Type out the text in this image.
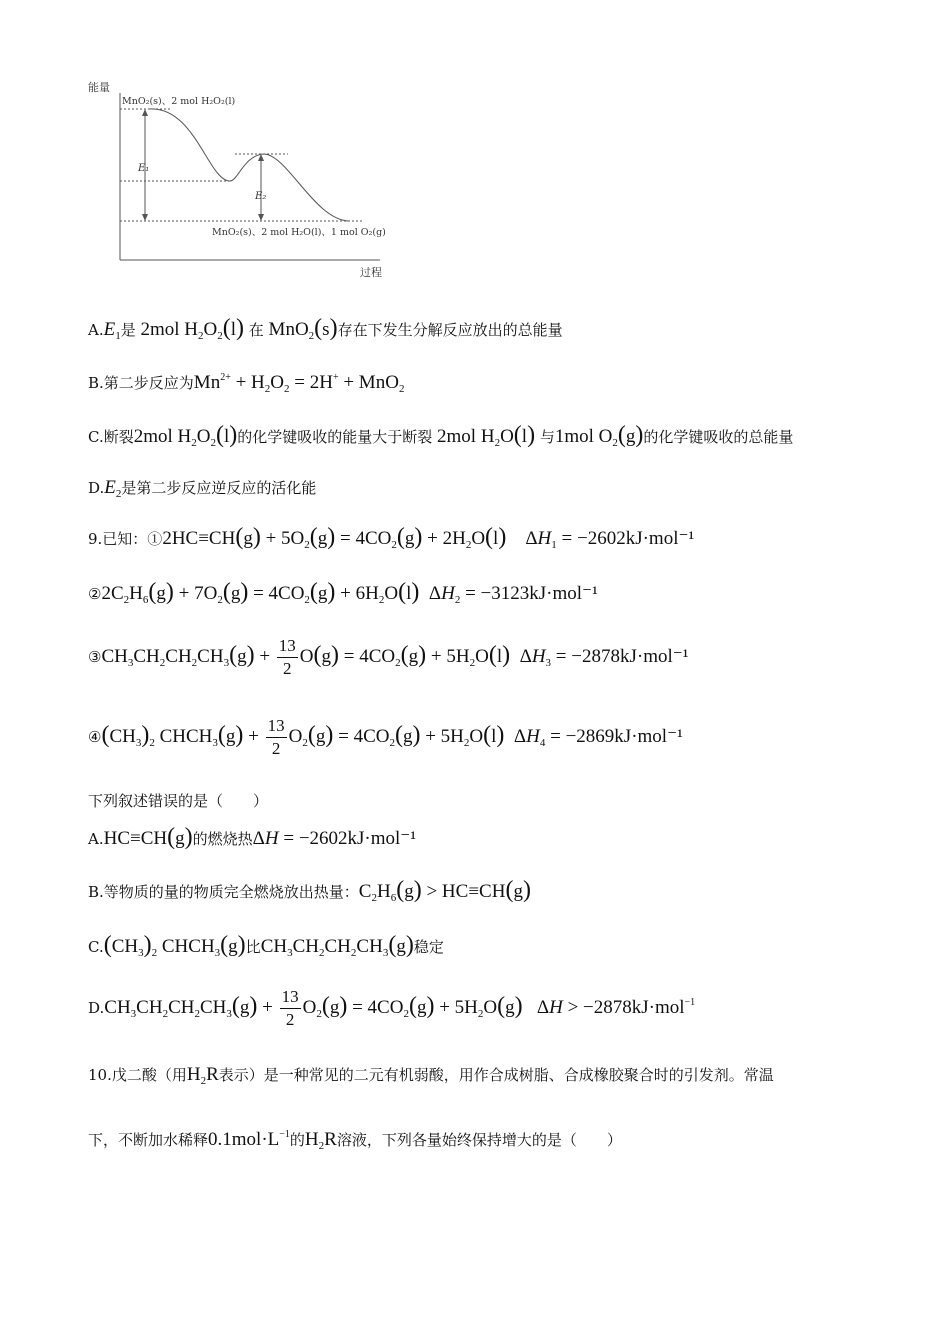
能量
过程
MnO₂(s)、2 mol H₂O₂(l)
MnO₂(s)、2 mol H₂O(l)、1 mol O₂(g)
E₁
E₂
$A.E_1$是 2mol $H_2O_2(l)$ 在 MnO$_2$(s)存在下发生分解反应放出的总能量
B.第二步反应为$Mn^{2+} + H_2O_2 = 2H^+ + MnO_2$
C.断裂2mol $H_2O_2(l)$的化学键吸收的能量大于断裂 2mol $H_2O(l)$ 与1mol $O_2(g)$的化学键吸收的总能量
$D.E_2$是第二步反应逆反应的活化能
9.已知：①2HC≡CH(g) + $5O_2(g) = 4CO_2(g) + 2H_2O(l)$    $\Delta H_1 = -2602kJ\cdot mol^{-1}$
$②2C_2H_6(g) + 7O_2(g) = 4CO_2(g) + 6H_2O(l) \Delta H_2 = -3123kJ\cdot mol^{-1}$
$③CH_3CH_2CH_2CH_3(g) + \frac{13}{2} O(g) = 4CO_2(g) + 5H_2O(l) \Delta H_3 = -2878kJ\cdot mol^{-1}$
$④(CH_3)_2$ $CHCH_3(g) + \frac{13}{2} O_2(g) = 4CO_2(g) + 5H_2O(l) \Delta H_4 = -2869kJ\cdot mol^{-1}$
下列叙述错误的是（　　）
A.HC≡CH(g)的燃烧热ΔH = −2602kJ·mol⁻¹
B.等物质的量的物质完全燃烧放出热量：$C_2H_6(g) > HC\equiv CH(g)$
$C.(CH_3)_2$ $CHCH_3(g)$比$CH_3CH_2CH_2CH_3(g)$稳定
$D.CH_3CH_2CH_2CH_3(g) + \frac{13}{2} O_2(g) = 4CO_2(g) + 5H_2O(g) \Delta H > -2878kJ\cdot mol^{-1}$
10.戊二酸（用$H_2R$表示）是一种常见的二元有机弱酸，用作合成树脂、合成橡胶聚合时的引发剂。常温
下，不断加水稀释$0.1mol\cdot L^{-1}$的$H_2R$溶液，下列各量始终保持增大的是（　　）
